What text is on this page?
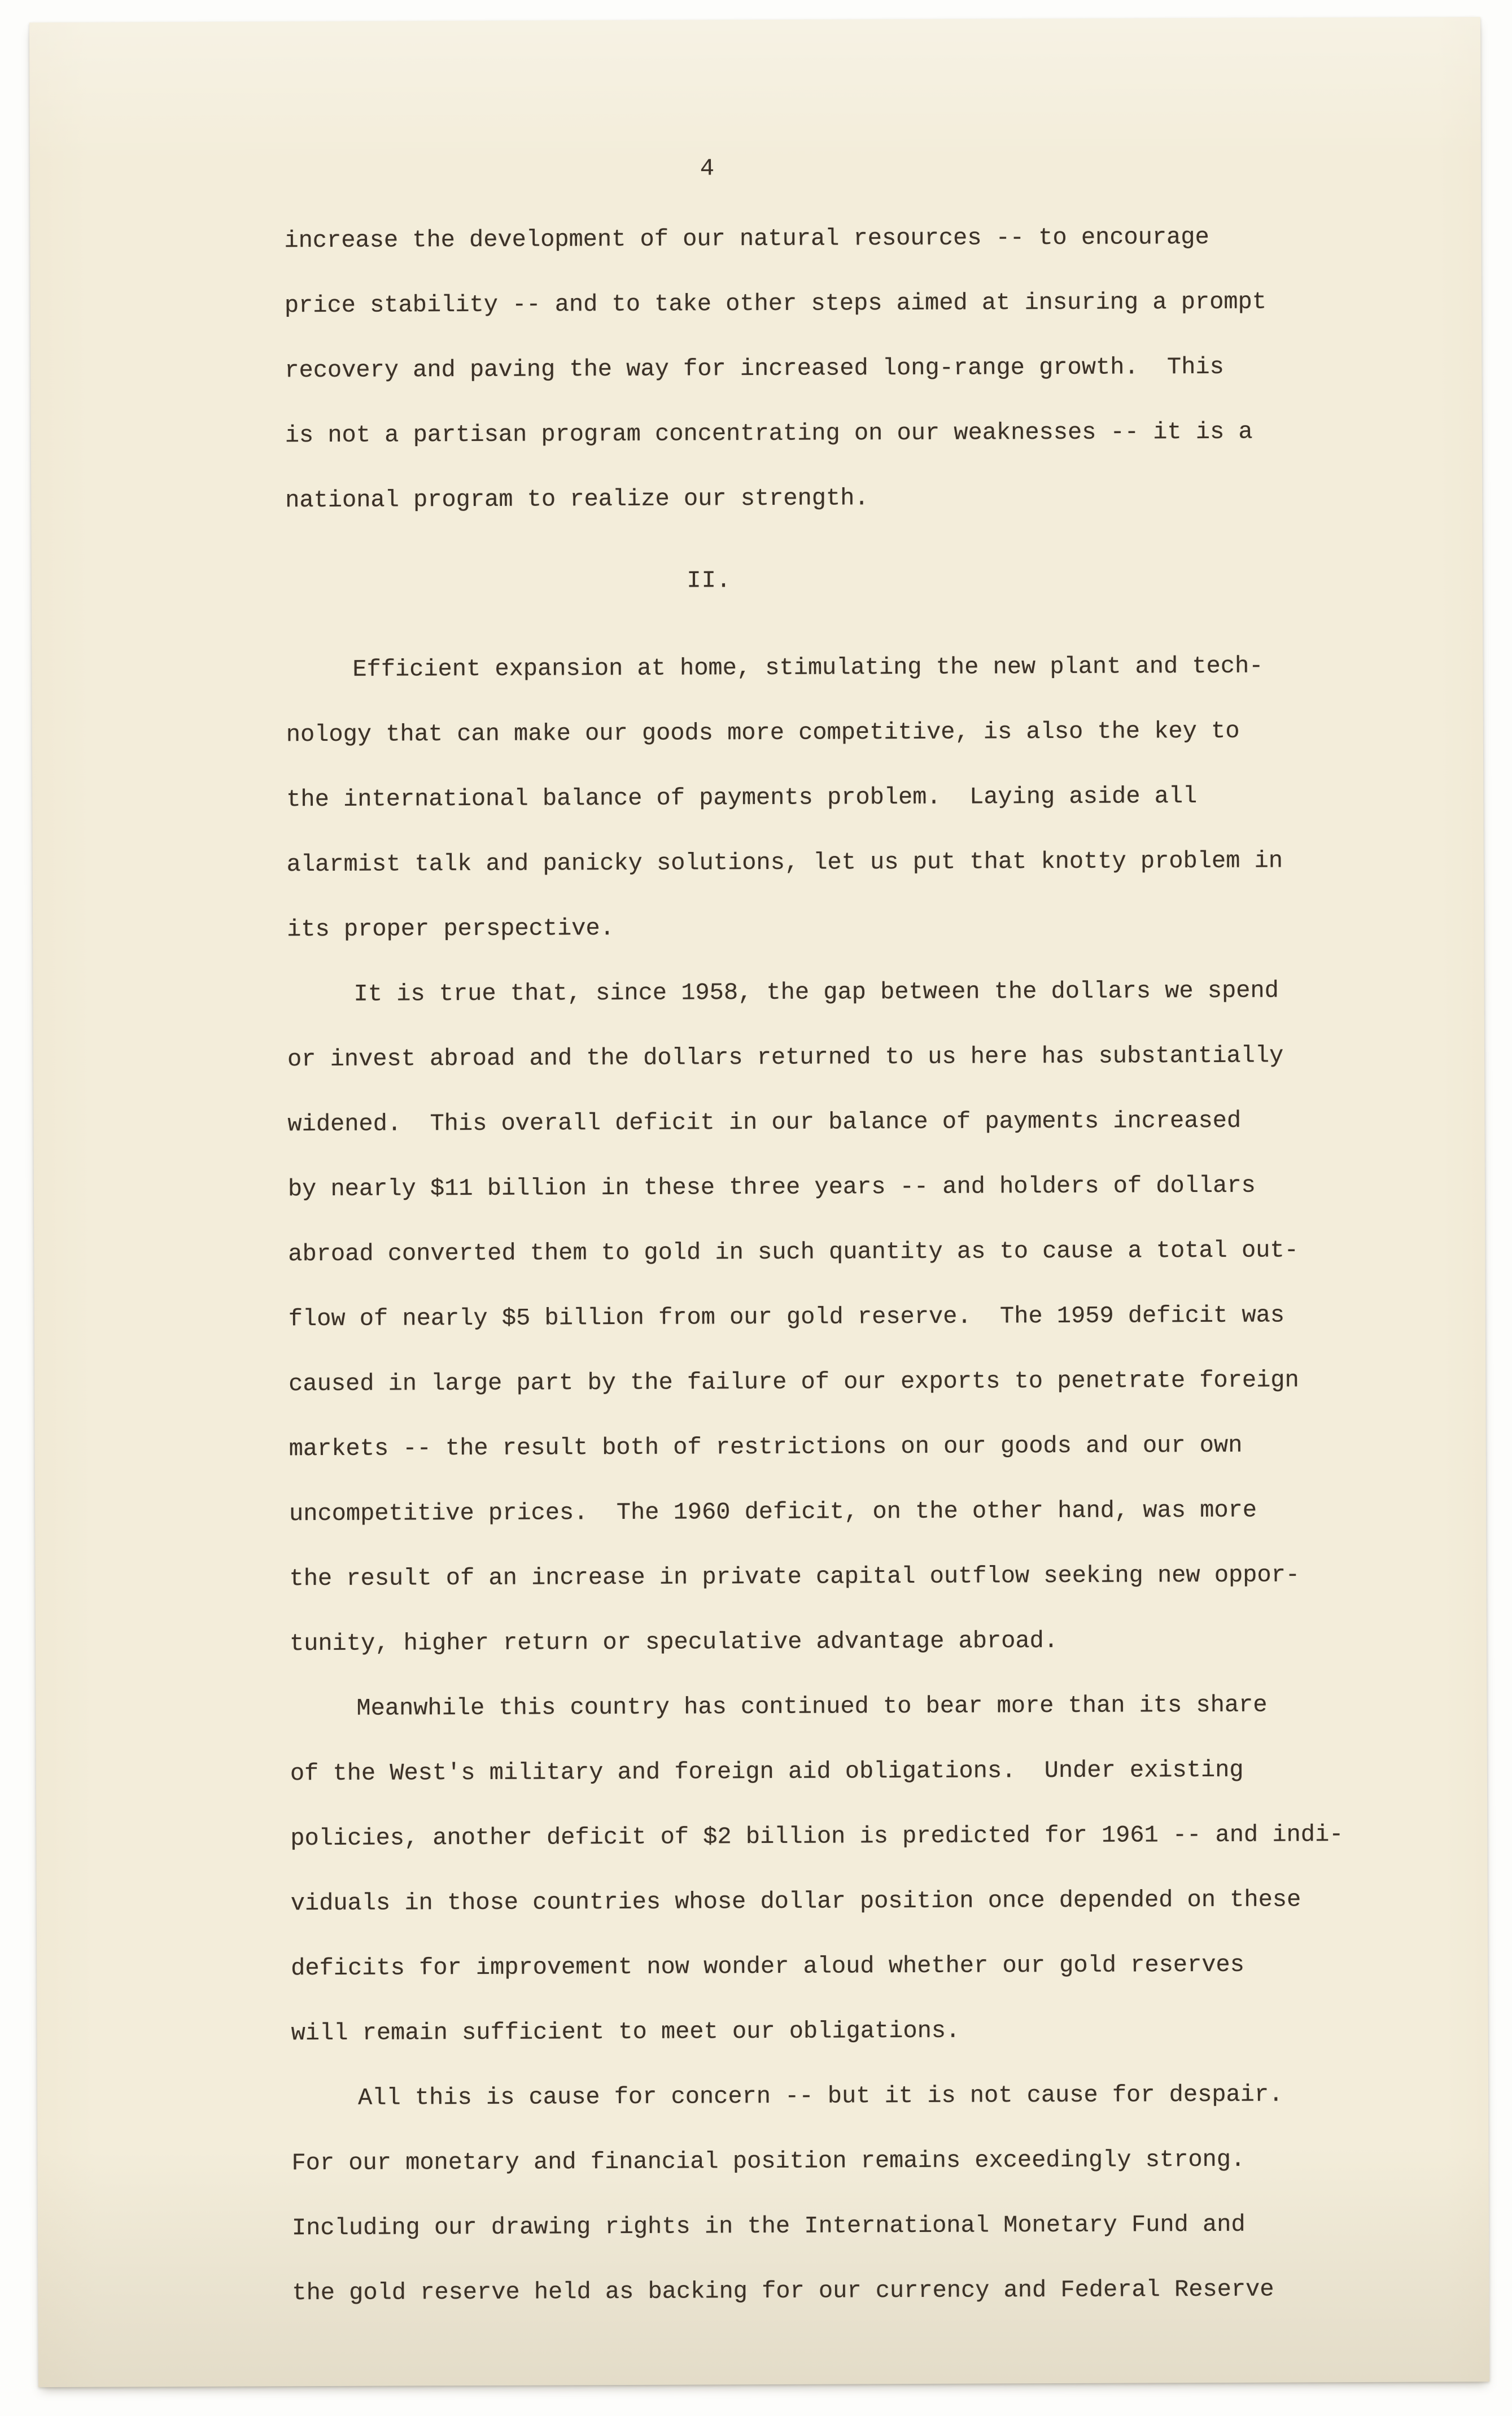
4
increase the development of our natural resources -- to encourage
price stability -- and to take other steps aimed at insuring a prompt
recovery and paving the way for increased long-range growth.  This
is not a partisan program concentrating on our weaknesses -- it is a
national program to realize our strength.
II.
Efficient expansion at home, stimulating the new plant and tech-
nology that can make our goods more competitive, is also the key to
the international balance of payments problem.  Laying aside all
alarmist talk and panicky solutions, let us put that knotty problem in
its proper perspective.
It is true that, since 1958, the gap between the dollars we spend
or invest abroad and the dollars returned to us here has substantially
widened.  This overall deficit in our balance of payments increased
by nearly $11 billion in these three years -- and holders of dollars
abroad converted them to gold in such quantity as to cause a total out-
flow of nearly $5 billion from our gold reserve.  The 1959 deficit was
caused in large part by the failure of our exports to penetrate foreign
markets -- the result both of restrictions on our goods and our own
uncompetitive prices.  The 1960 deficit, on the other hand, was more
the result of an increase in private capital outflow seeking new oppor-
tunity, higher return or speculative advantage abroad.
Meanwhile this country has continued to bear more than its share
of the West's military and foreign aid obligations.  Under existing
policies, another deficit of $2 billion is predicted for 1961 -- and indi-
viduals in those countries whose dollar position once depended on these
deficits for improvement now wonder aloud whether our gold reserves
will remain sufficient to meet our obligations.
All this is cause for concern -- but it is not cause for despair.
For our monetary and financial position remains exceedingly strong.
Including our drawing rights in the International Monetary Fund and
the gold reserve held as backing for our currency and Federal Reserve
